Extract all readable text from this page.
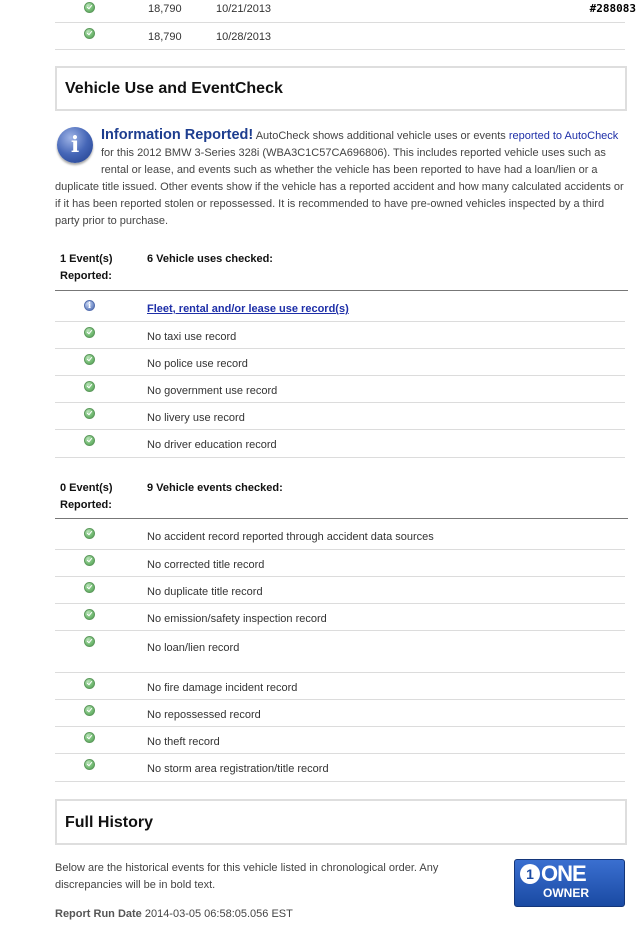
#288083
18,790	10/21/2013
18,790	10/28/2013
Vehicle Use and EventCheck
i	Information Reported! AutoCheck shows additional vehicle uses or events reported to AutoCheck for this 2012 BMW 3-Series 328i (WBA3C1C57CA696806). This includes reported vehicle uses such as rental or lease, and events such as whether the vehicle has been reported to have had a loan/lien or a duplicate title issued. Other events show if the vehicle has a reported accident and how many calculated accidents or if it has been reported stolen or repossessed. It is recommended to have pre-owned vehicles inspected by a third party prior to purchase.
1 Event(s) Reported:
6 Vehicle uses checked:
i	Fleet, rental and/or lease use record(s)
No taxi use record
No police use record
No government use record
No livery use record
No driver education record
0 Event(s) Reported:
9 Vehicle events checked:
No accident record reported through accident data sources
No corrected title record
No duplicate title record
No emission/safety inspection record
No loan/lien record
No fire damage incident record
No repossessed record
No theft record
No storm area registration/title record
Full History
Below are the historical events for this vehicle listed in chronological order. Any discrepancies will be in bold text.
1 ONE
OWNER
Report Run Date 2014-03-05 06:58:05.056 EST
